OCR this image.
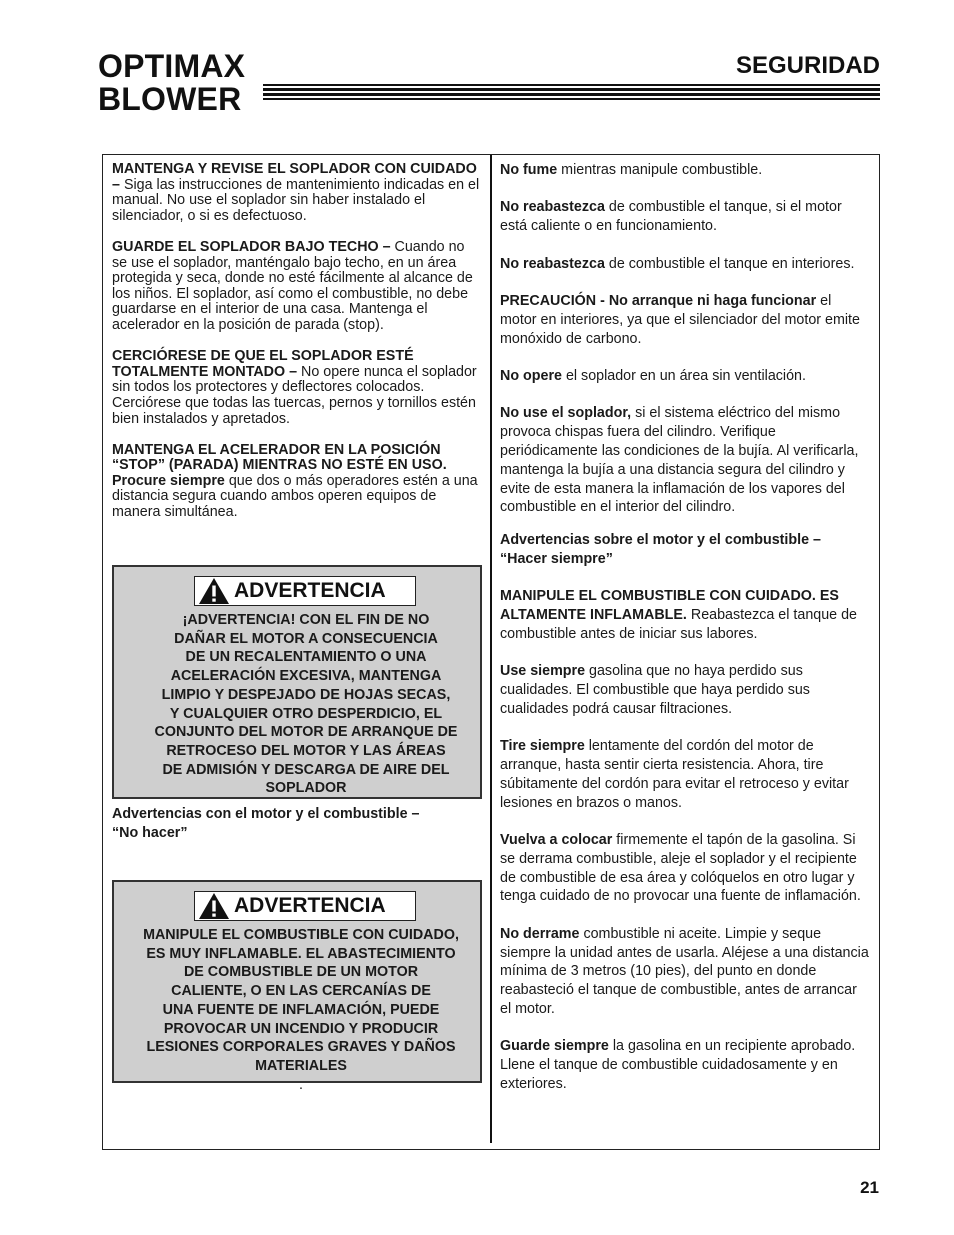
OPTIMAX
BLOWER
SEGURIDAD

MANTENGA Y REVISE EL SOPLADOR CON CUIDADO – Siga las instrucciones de mantenimiento indicadas en el manual. No use el soplador sin haber instalado el silenciador, o si es defectuoso.

GUARDE EL SOPLADOR BAJO TECHO – Cuando no se use el soplador, manténgalo bajo techo, en un área protegida y seca, donde no esté fácilmente al alcance de los niños. El soplador, así como el combustible, no debe guardarse en el interior de una casa. Mantenga el acelerador en la posición de parada (stop).

CERCIÓRESE DE QUE EL SOPLADOR ESTÉ TOTALMENTE MONTADO – No opere nunca el soplador sin todos los protectores y deflectores colocados. Cerciórese que todas las tuercas, pernos y tornillos estén bien instalados y apretados.

MANTENGA EL ACELERADOR EN LA POSICIÓN “STOP” (PARADA) MIENTRAS NO ESTÉ EN USO. Procure siempre que dos o más operadores estén a una distancia segura cuando ambos operen equipos de manera simultánea.

ADVERTENCIA
¡ADVERTENCIA! CON EL FIN DE NO
DAÑAR EL MOTOR A CONSECUENCIA
DE UN RECALENTAMIENTO O UNA
ACELERACIÓN EXCESIVA, MANTENGA
LIMPIO Y DESPEJADO DE HOJAS SECAS,
Y CUALQUIER OTRO DESPERDICIO, EL
CONJUNTO DEL MOTOR DE ARRANQUE DE
RETROCESO DEL MOTOR Y LAS ÁREAS
DE ADMISIÓN Y DESCARGA DE AIRE DEL
SOPLADOR
Advertencias con el motor y el combustible –
“No hacer”
ADVERTENCIA
MANIPULE EL COMBUSTIBLE CON CUIDADO,
ES MUY INFLAMABLE. EL ABASTECIMIENTO
DE COMBUSTIBLE DE UN MOTOR
CALIENTE, O EN LAS CERCANÍAS DE
UNA FUENTE DE INFLAMACIÓN, PUEDE
PROVOCAR UN INCENDIO Y PRODUCIR
LESIONES CORPORALES GRAVES Y DAÑOS
MATERIALES
.

No fume mientras manipule combustible.

No reabastezca de combustible el tanque, si el motor está caliente o en funcionamiento.

No reabastezca de combustible el tanque en interiores.

PRECAUCIÓN - No arranque ni haga funcionar el motor en interiores, ya que el silenciador del motor emite monóxido de carbono.

No opere el soplador en un área sin ventilación.

No use el soplador, si el sistema eléctrico del mismo provoca chispas fuera del cilindro. Verifique periódicamente las condiciones de la bujía. Al verificarla, mantenga la bujía a una distancia segura del cilindro y evite de esta manera la inflamación de los vapores del combustible en el interior del cilindro.

Advertencias sobre el motor y el combustible – “Hacer siempre”

MANIPULE EL COMBUSTIBLE CON CUIDADO. ES ALTAMENTE INFLAMABLE. Reabastezca el tanque de combustible antes de iniciar sus labores.

Use siempre gasolina que no haya perdido sus cualidades. El combustible que haya perdido sus cualidades podrá causar filtraciones.

Tire siempre lentamente del cordón del motor de arranque, hasta sentir cierta resistencia. Ahora, tire súbitamente del cordón para evitar el retroceso y evitar lesiones en brazos o manos.

Vuelva a colocar firmemente el tapón de la gasolina. Si se derrama combustible, aleje el soplador y el recipiente de combustible de esa área y colóquelos en otro lugar y tenga cuidado de no provocar una fuente de inflamación.

No derrame combustible ni aceite. Limpie y seque siempre la unidad antes de usarla. Aléjese a una distancia mínima de 3 metros (10 pies), del punto en donde reabasteció el tanque de combustible, antes de arrancar el motor.

Guarde siempre la gasolina en un recipiente aprobado. Llene el tanque de combustible cuidadosamente y en exteriores.

21
